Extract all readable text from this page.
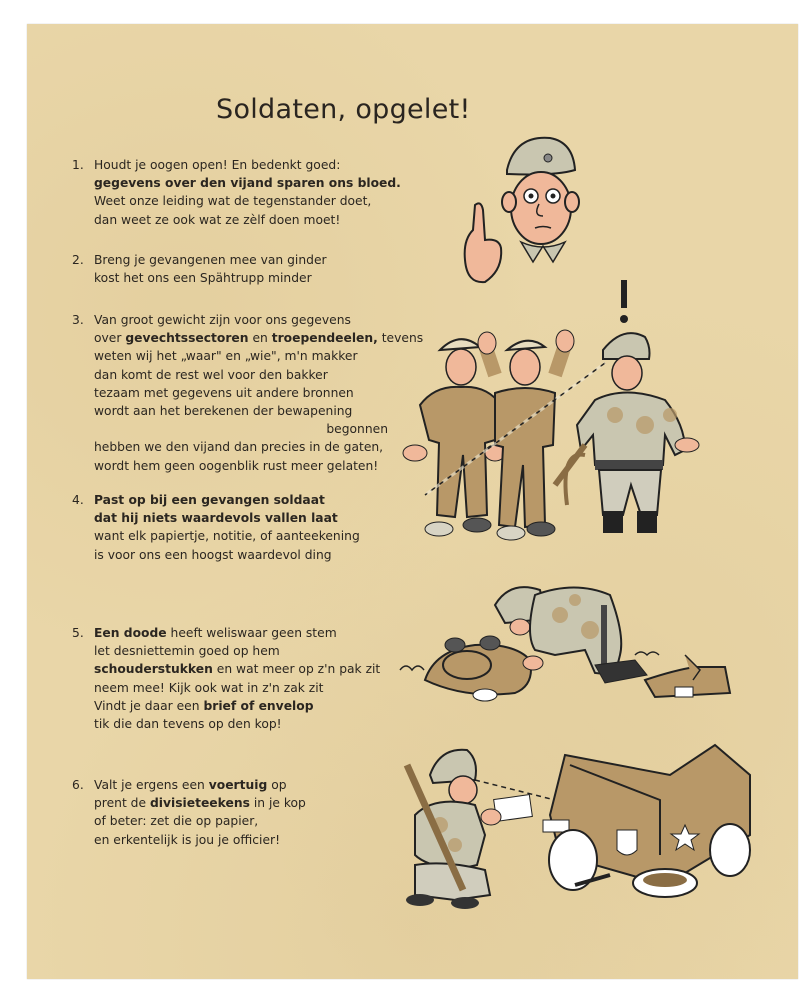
Soldaten, opgelet!
1. Houdt je oogen open! En bedenkt goed:
gegevens over den vijand sparen ons bloed.
Weet onze leiding wat de tegenstander doet,
dan weet ze ook wat ze zèlf doen moet!
2. Breng je gevangenen mee van ginder
kost het ons een Spähtrupp minder
3. Van groot gewicht zijn voor ons gegevens
over gevechtssectoren en troependeelen, tevens
weten wij het „waar" en „wie", m'n makker
dan komt de rest wel voor den bakker
tezaam met gegevens uit andere bronnen
wordt aan het berekenen der bewapening
begonnen
hebben we den vijand dan precies in de gaten,
wordt hem geen oogenblik rust meer gelaten!
4. Past op bij een gevangen soldaat
dat hij niets waardevols vallen laat
want elk papiertje, notitie, of aanteekening
is voor ons een hoogst waardevol ding
5. Een doode heeft weliswaar geen stem
let desniettemin goed op hem
schouderstukken en wat meer op z'n pak zit
neem mee! Kijk ook wat in z'n zak zit
Vindt je daar een brief of envelop
tik die dan tevens op den kop!
6. Valt je ergens een voertuig op
prent de divisieteekens in je kop
of beter: zet die op papier,
en erkentelijk is jou je officier!
